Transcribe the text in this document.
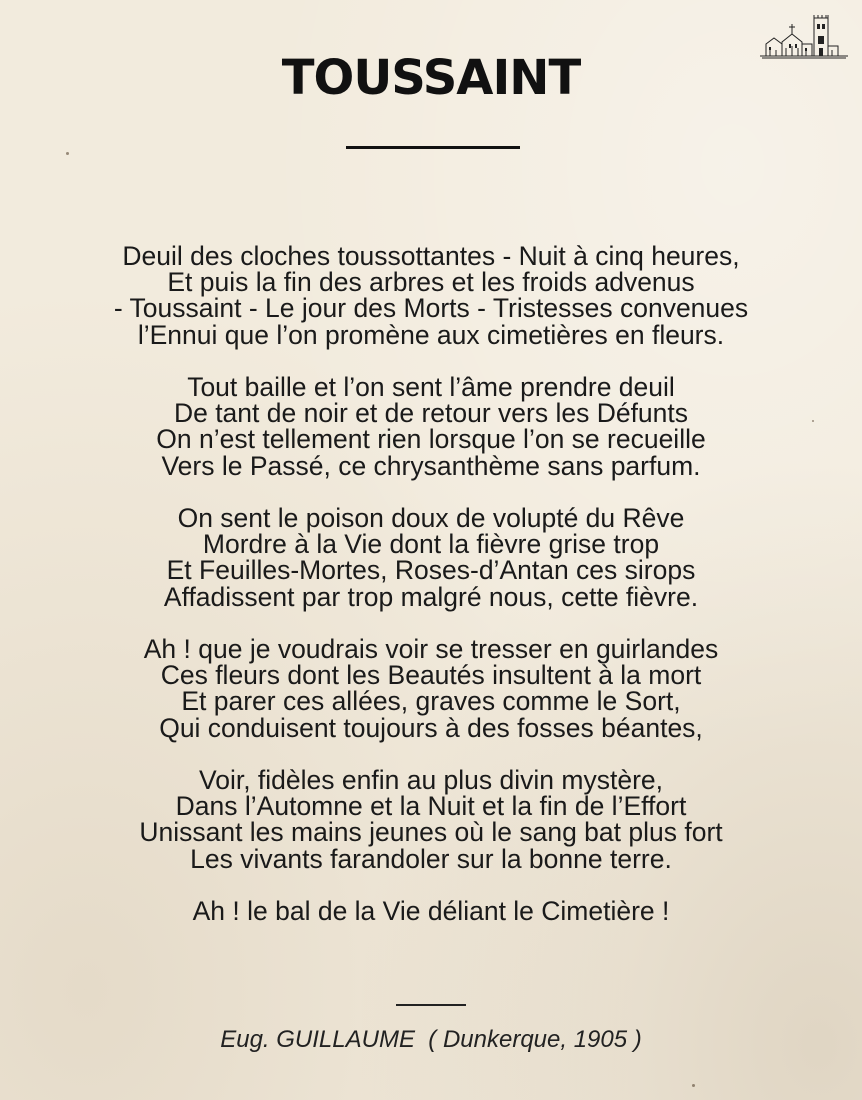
TOUSSAINT
Deuil des cloches toussottantes - Nuit à cinq heures,
Et puis la fin des arbres et les froids advenus
- Toussaint - Le jour des Morts - Tristesses convenues
l’Ennui que l’on promène aux cimetières en fleurs.
Tout baille et l’on sent l’âme prendre deuil
De tant de noir et de retour vers les Défunts
On n’est tellement rien lorsque l’on se recueille
Vers le Passé, ce chrysanthème sans parfum.
On sent le poison doux de volupté du Rêve
Mordre à la Vie dont la fièvre grise trop
Et Feuilles-Mortes, Roses-d’Antan ces sirops
Affadissent par trop malgré nous, cette fièvre.
Ah ! que je voudrais voir se tresser en guirlandes
Ces fleurs dont les Beautés insultent à la mort
Et parer ces allées, graves comme le Sort,
Qui conduisent toujours à des fosses béantes,
Voir, fidèles enfin au plus divin mystère,
Dans l’Automne et la Nuit et la fin de l’Effort
Unissant les mains jeunes où le sang bat plus fort
Les vivants farandoler sur la bonne terre.
Ah ! le bal de la Vie déliant le Cimetière !
Eug. GUILLAUME  ( Dunkerque, 1905 )
